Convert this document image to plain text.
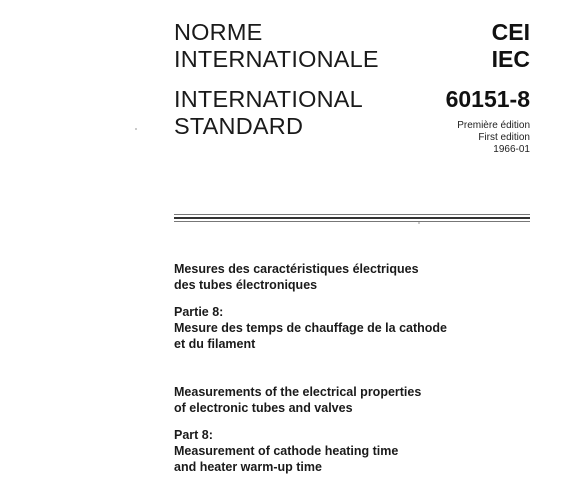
NORME
INTERNATIONALE
INTERNATIONAL
STANDARD
CEI
IEC
60151-8
Première édition
First edition
1966-01
Mesures des caractéristiques électriques
des tubes électroniques
Partie 8:
Mesure des temps de chauffage de la cathode
et du filament
Measurements of the electrical properties
of electronic tubes and valves
Part 8:
Measurement of cathode heating time
and heater warm-up time
